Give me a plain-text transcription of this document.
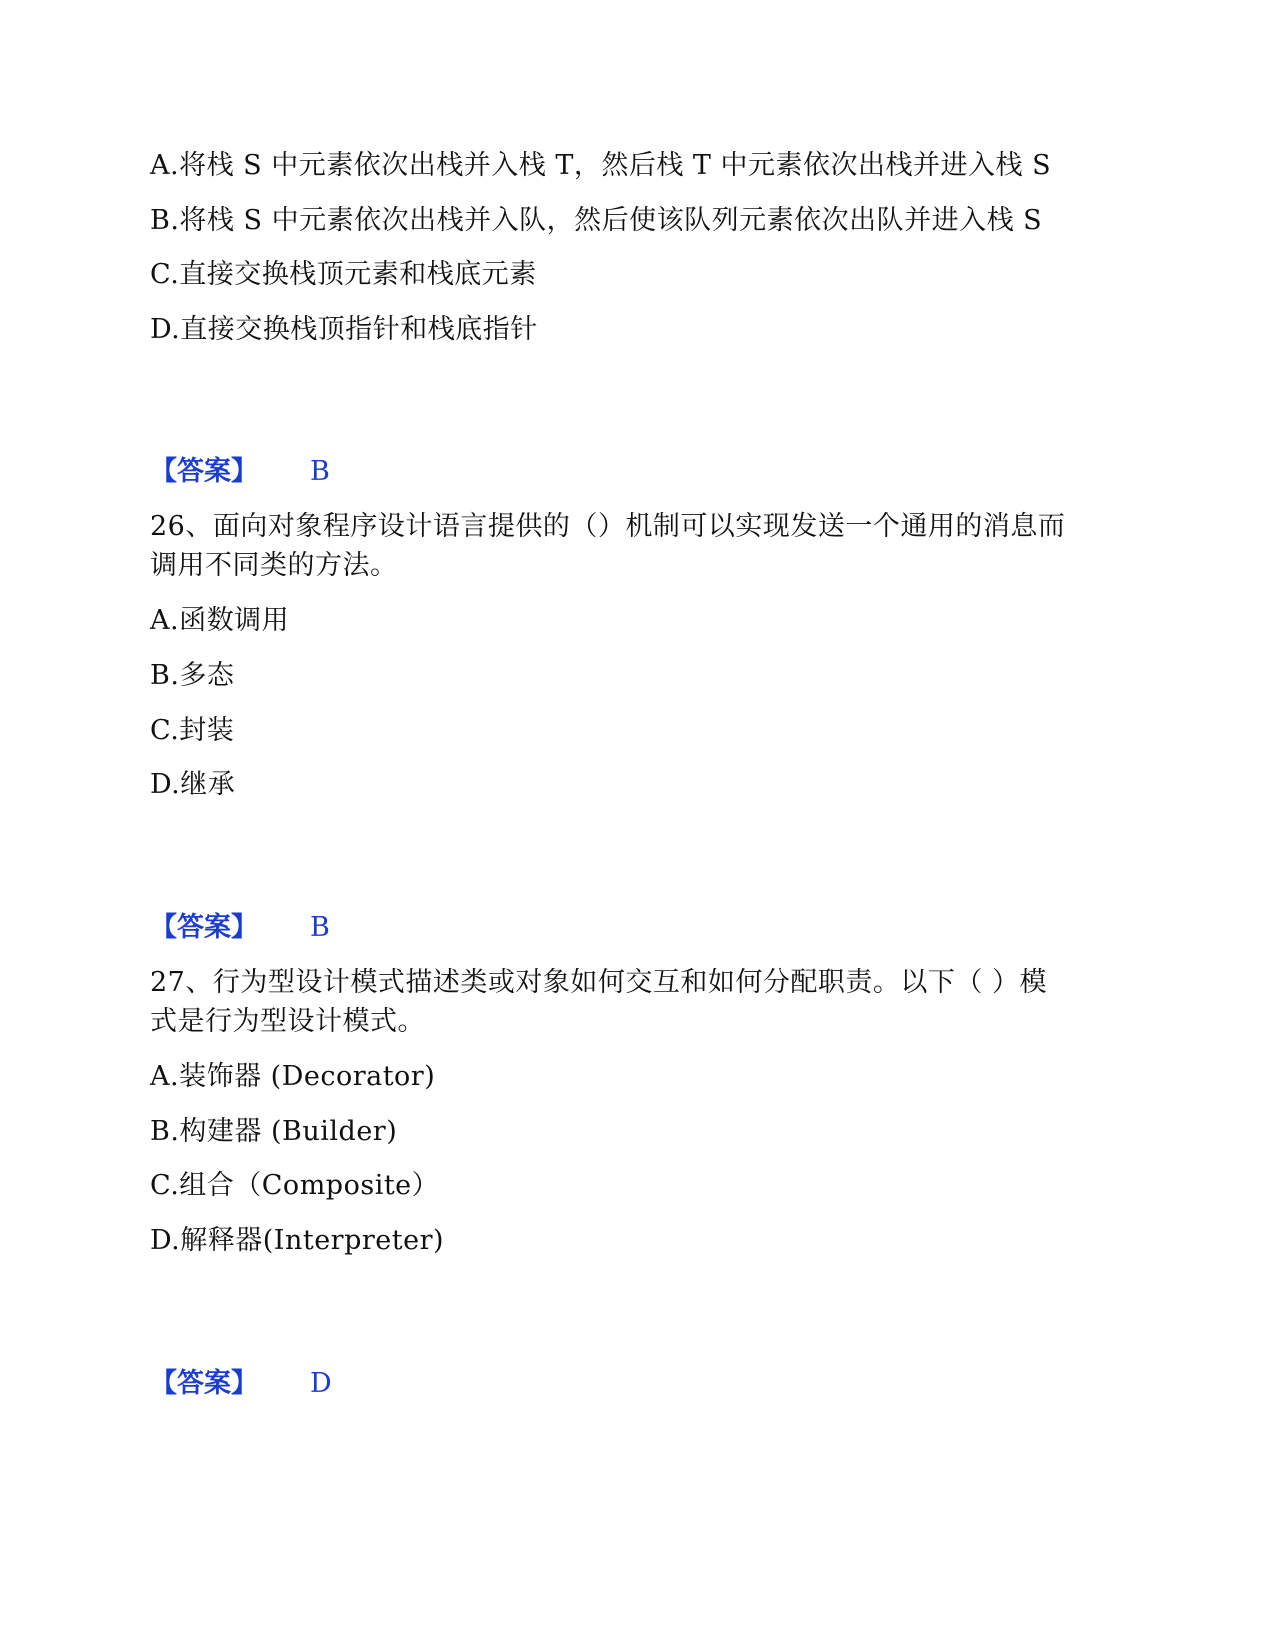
A.将栈 S 中元素依次出栈并入栈 T，然后栈 T 中元素依次出栈并进入栈 S
B.将栈 S 中元素依次出栈并入队，然后使该队列元素依次出队并进入栈 S
C.直接交换栈顶元素和栈底元素
D.直接交换栈顶指针和栈底指针
【答案】 B
26、面向对象程序设计语言提供的（）机制可以实现发送一个通用的消息而
调用不同类的方法。
A.函数调用
B.多态
C.封装
D.继承
【答案】 B
27、行为型设计模式描述类或对象如何交互和如何分配职责。以下（ ）模
式是行为型设计模式。
A.装饰器 (Decorator)
B.构建器 (Builder)
C.组合（Composite）
D.解释器(Interpreter)
【答案】 D
